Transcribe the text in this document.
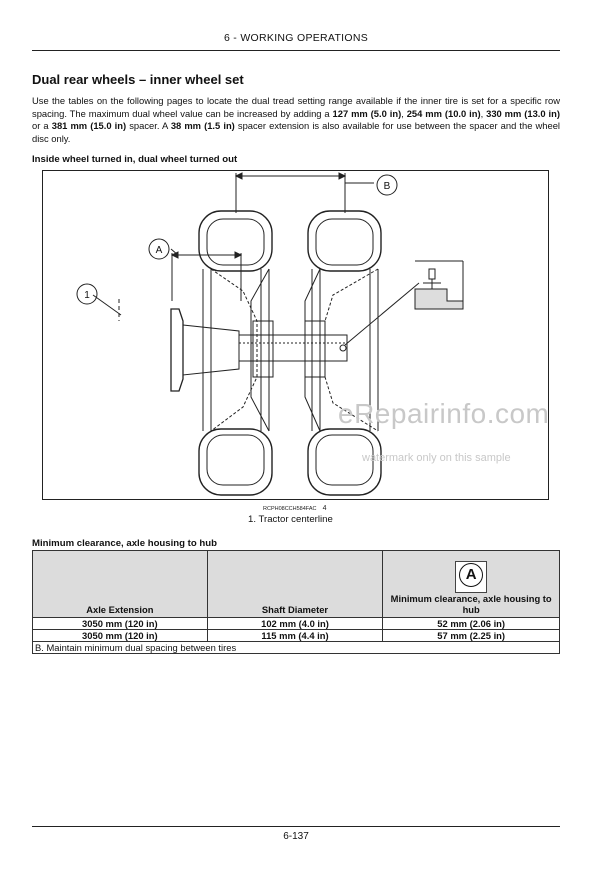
6 - WORKING OPERATIONS
Dual rear wheels – inner wheel set
Use the tables on the following pages to locate the dual tread setting range available if the inner tire is set for a specific row spacing. The maximum dual wheel value can be increased by adding a 127 mm (5.0 in), 254 mm (10.0 in), 330 mm (13.0 in) or a 381 mm (15.0 in) spacer. A 38 mm (1.5 in) spacer extension is also available for use between the spacer and the wheel disc only.
Inside wheel turned in, dual wheel turned out
B
A
1
RCPH08CCH584FAC 4
1. Tractor centerline
eRepairinfo.com
watermark only on this sample
Minimum clearance, axle housing to hub
Axle Extension	Shaft Diameter	A
Minimum clearance, axle housing to hub
3050 mm (120 in)	102 mm (4.0 in)	52 mm (2.06 in)
3050 mm (120 in)	115 mm (4.4 in)	57 mm (2.25 in)
B. Maintain minimum dual spacing between tires		
6-137
